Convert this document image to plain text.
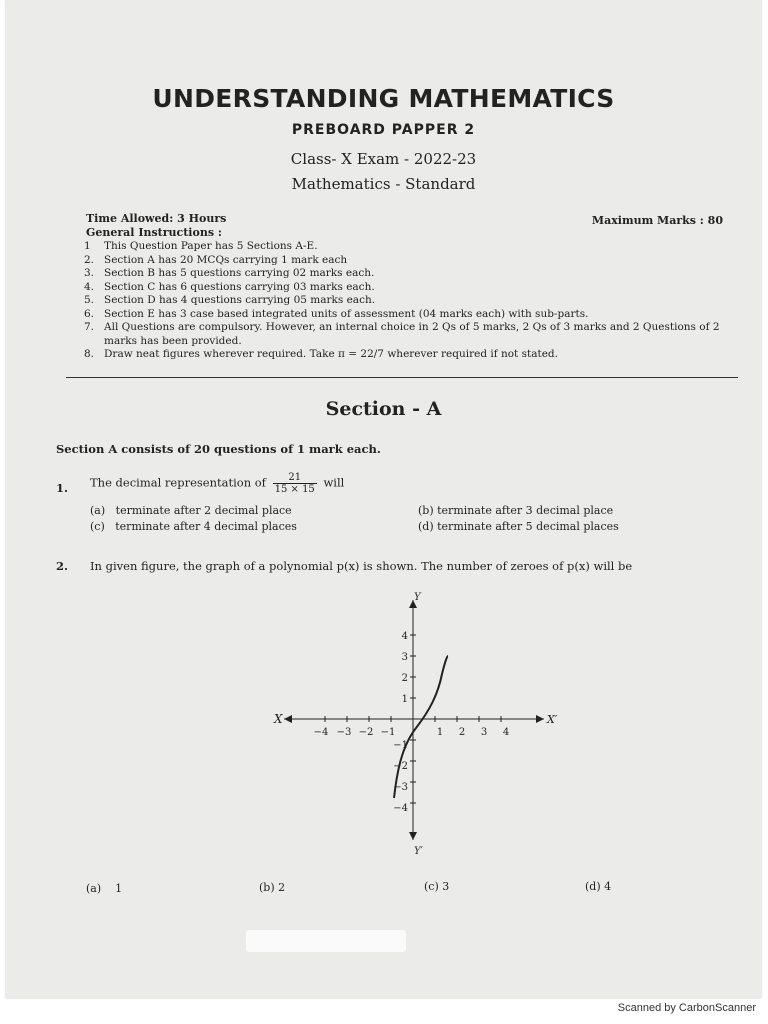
UNDERSTANDING MATHEMATICS
PREBOARD PAPPER 2
Class- X Exam - 2022-23
Mathematics - Standard
Time Allowed: 3 Hours	Maximum Marks : 80
General Instructions :
1	This Question Paper has 5 Sections A-E.
2. Section A has 20 MCQs carrying 1 mark each
3. Section B has 5 questions carrying 02 marks each.
4. Section C has 6 questions carrying 03 marks each.
5. Section D has 4 questions carrying 05 marks each.
6. Section E has 3 case based integrated units of assessment (04 marks each) with sub-parts.
7. All Questions are compulsory. However, an internal choice in 2 Qs of 5 marks, 2 Qs of 3 marks and 2 Questions of 2 marks has been provided.
8. Draw neat figures wherever required. Take π = 22/7 wherever required if not stated.
Section - A
Section A consists of 20 questions of 1 mark each.
1. The decimal representation of $\frac{21}{15 \times 15}$ will
(a) terminate after 2 decimal place	(b) terminate after 3 decimal place
(c) terminate after 4 decimal places	(d) terminate after 5 decimal places
2. In given figure, the graph of a polynomial p(x) is shown. The number of zeroes of p(x) will be
X	X′
Y
Y′
−4 −3 −2 −1	1 2 3 4
4
3
2
1
−1
−2
−3
−4
(a) 1	(b) 2	(c) 3	(d) 4
Scanned by CarbonScanner
